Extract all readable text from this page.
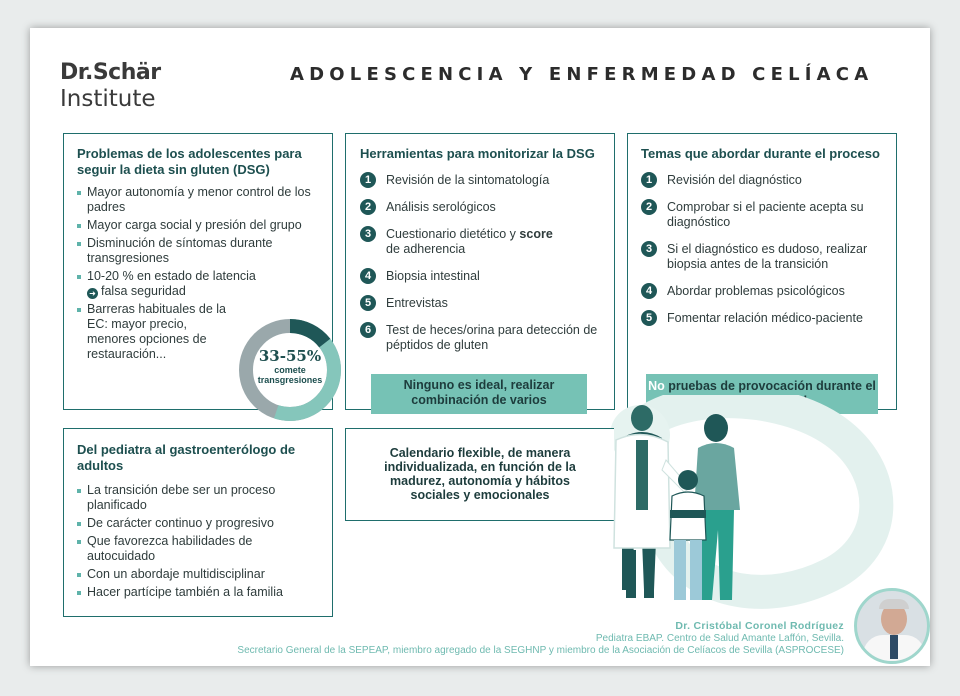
Dr.Schär
Institute
ADOLESCENCIA Y ENFERMEDAD CELÍACA
Problemas de los adolescentes para seguir la dieta sin gluten (DSG)
Mayor autonomía y menor control de los padres
Mayor carga social y presión del grupo
Disminución de síntomas durante transgresiones
10-20 % en estado de latencia
➜ falsa seguridad
Barreras habituales de la EC: mayor precio, menores opciones de restauración...	33-55%
comete
transgresiones
Herramientas para monitorizar la DSG
1	Revisión de la sintomatología
2	Análisis serológicos
3	Cuestionario dietético y score
de adherencia
4	Biopsia intestinal
5	Entrevistas
6	Test de heces/orina para detección de péptidos de gluten
Ninguno es ideal, realizar combinación de varios
Temas que abordar durante el proceso
1	Revisión del diagnóstico
2	Comprobar si el paciente acepta su diagnóstico
3	Si el diagnóstico es dudoso, realizar biopsia antes de la transición
4	Abordar problemas psicológicos
5	Fomentar relación médico-paciente
No pruebas de provocación durante el estirón puberal
Del pediatra al gastroenterólogo de adultos
La transición debe ser un proceso planificado
De carácter continuo y progresivo
Que favorezca habilidades de autocuidado
Con un abordaje multidisciplinar
Hacer partícipe también a la familia
Calendario flexible, de manera individualizada, en función de la madurez, autonomía y hábitos sociales y emocionales
Dr. Cristóbal Coronel Rodríguez
Pediatra EBAP. Centro de Salud Amante Laffón, Sevilla.
Secretario General de la SEPEAP, miembro agregado de la SEGHNP y miembro de la Asociación de Celíacos de Sevilla (ASPROCESE)
